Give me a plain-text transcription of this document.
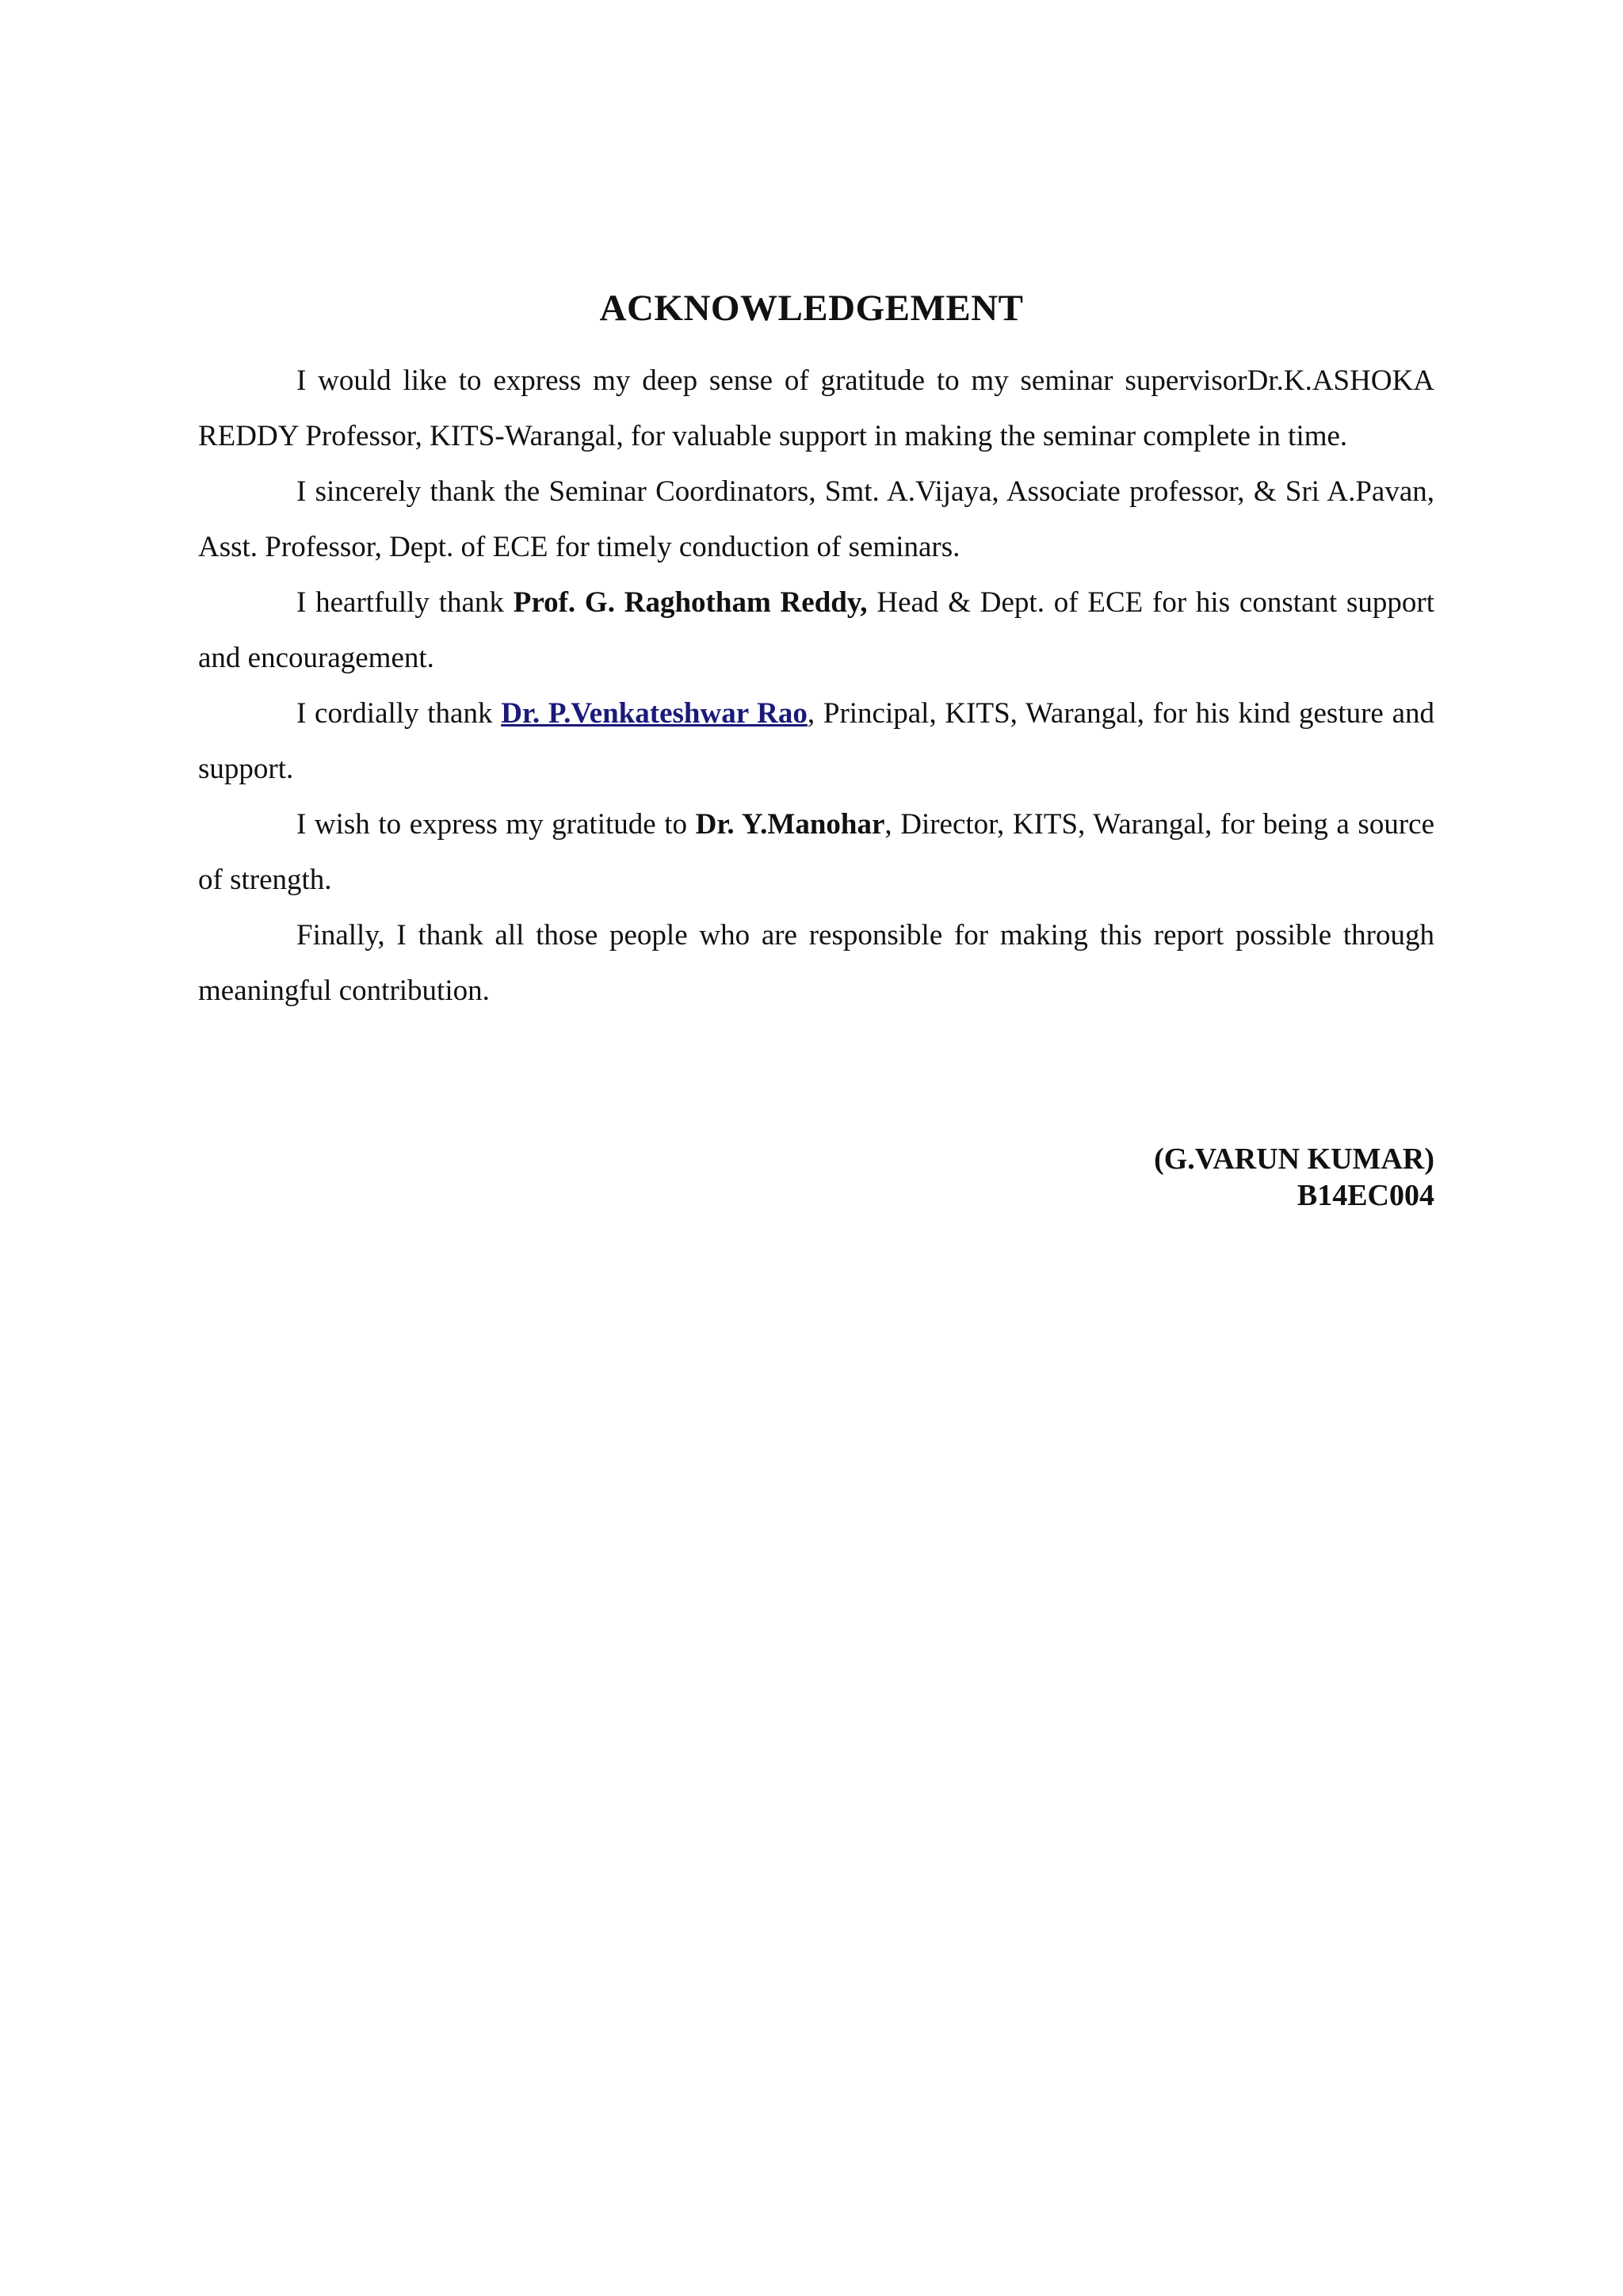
ACKNOWLEDGEMENT

I would like to express my deep sense of gratitude to my seminar supervisorDr.K.ASHOKA REDDY Professor, KITS-Warangal, for valuable support in making the seminar complete in time.

I sincerely thank the Seminar Coordinators, Smt. A.Vijaya, Associate professor, & Sri A.Pavan, Asst. Professor, Dept. of ECE for timely conduction of seminars.

I heartfully thank Prof. G. Raghotham Reddy, Head & Dept. of ECE for his constant support and encouragement.

I cordially thank Dr. P.Venkateshwar Rao, Principal, KITS, Warangal, for his kind gesture and support.

I wish to express my gratitude to Dr. Y.Manohar, Director, KITS, Warangal, for being a source of strength.

Finally, I thank all those people who are responsible for making this report possible through meaningful contribution.

(G.VARUN KUMAR)
B14EC004
